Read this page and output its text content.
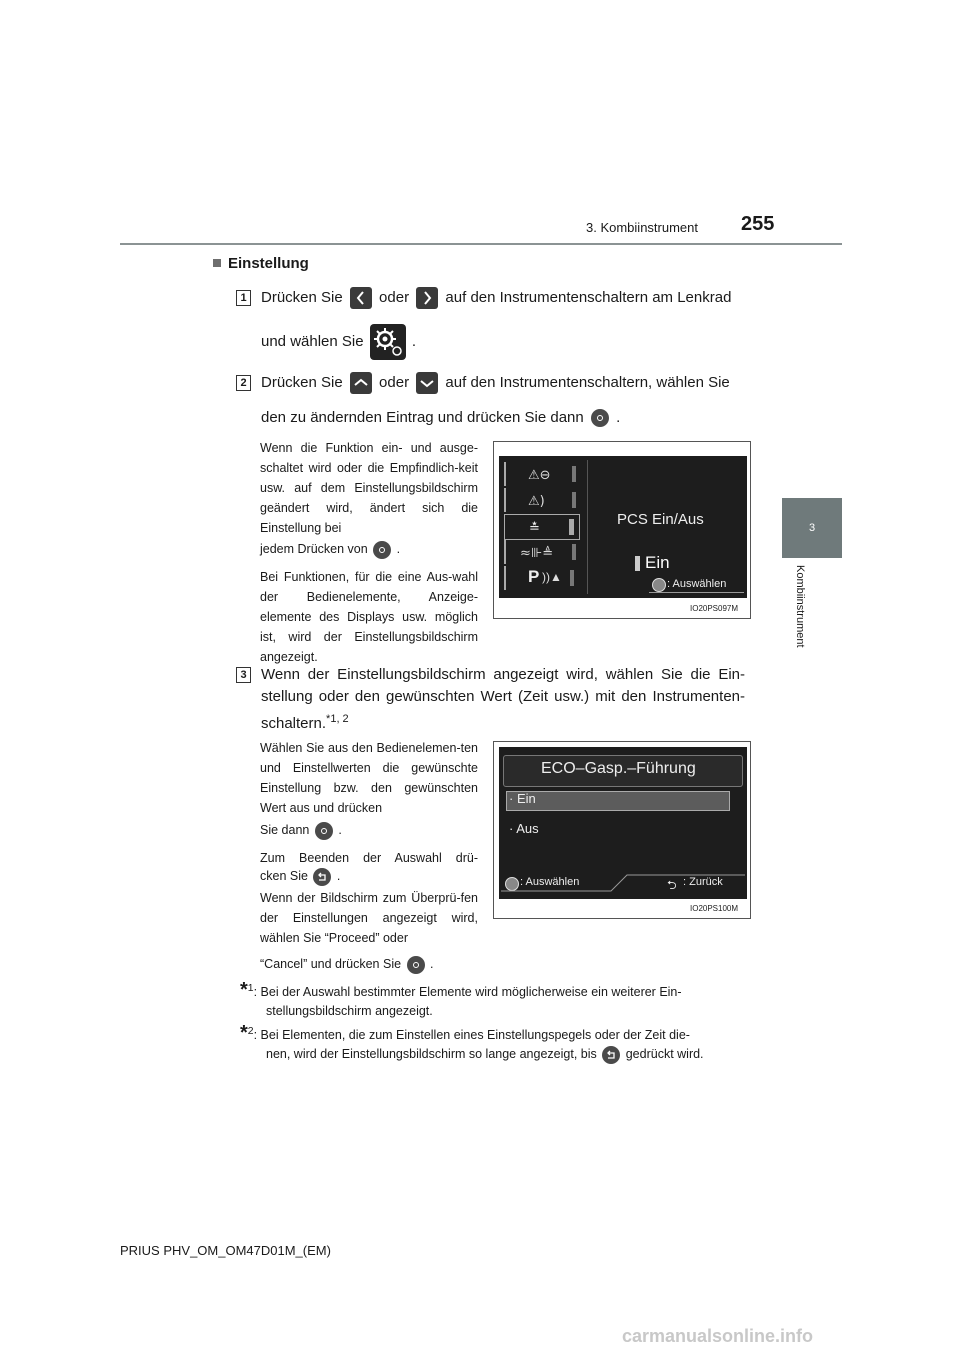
3. Kombiinstrument 255
3
Kombiinstrument
Einstellung
1 Drücken Sie oder auf den Instrumentenschaltern am Lenkrad
und wählen Sie	.
2 Drücken Sie oder auf den Instrumentenschaltern, wählen Sie
den zu ändernden Eintrag und drücken Sie dann .
Wenn die Funktion ein- und ausge-schaltet wird oder die Empfindlich-keit usw. auf dem Einstellungsbildschirm geändert wird, ändert sich die Einstellung bei
jedem Drücken von .
Bei Funktionen, für die eine Aus-wahl der Bedienelemente, Anzeige-elemente des Displays usw. möglich ist, wird der Einstellungsbildschirm angezeigt.
⚠⊖
⚠)
≛
≈⊪≜
P ))▲
PCS Ein/Aus
Ein
: Auswählen
IO20PS097M
3 Wenn der Einstellungsbildschirm angezeigt wird, wählen Sie die Ein-stellung oder den gewünschten Wert (Zeit usw.) mit den Instrumenten-schaltern.$^{*1, 2}$
Wählen Sie aus den Bedienelemen-ten und Einstellwerten die gewünschte Einstellung bzw. den gewünschten Wert aus und drücken
Sie dann .
Zum Beenden der Auswahl drü-
cken Sie .
Wenn der Bildschirm zum Überprü-fen der Einstellungen angezeigt wird, wählen Sie “Proceed” oder
“Cancel” und drücken Sie .
ECO–Gasp.–Führung
· Ein
· Aus
: Auswählen	⮌ : Zurück
IO20PS100M
*$^1$: Bei der Auswahl bestimmter Elemente wird möglicherweise ein weiterer Ein-
stellungsbildschirm angezeigt.
*$^2$: Bei Elementen, die zum Einstellen eines Einstellungspegels oder der Zeit die-
nen, wird der Einstellungsbildschirm so lange angezeigt, bis gedrückt wird.
PRIUS PHV_OM_OM47D01M_(EM)
carmanualsonline.info
